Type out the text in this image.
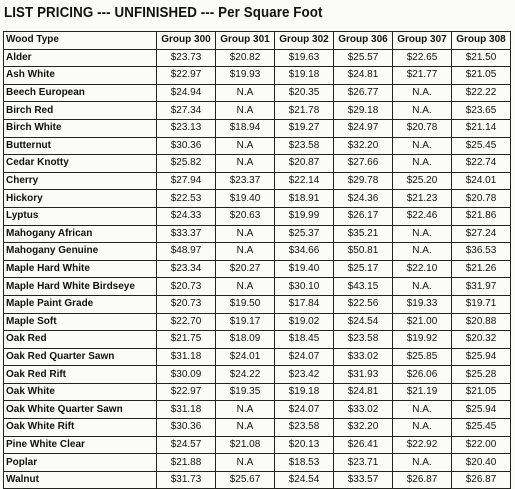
LIST PRICING --- UNFINISHED --- Per Square Foot
Wood Type	Group 300	Group 301	Group 302	Group 306	Group 307	Group 308
Alder	$23.73	$20.82	$19.63	$25.57	$22.65	$21.50
Ash White	$22.97	$19.93	$19.18	$24.81	$21.77	$21.05
Beech European	$24.94	N.A	$20.35	$26.77	N.A.	$22.22
Birch Red	$27.34	N.A	$21.78	$29.18	N.A.	$23.65
Birch White	$23.13	$18.94	$19.27	$24.97	$20.78	$21.14
Butternut	$30.36	N.A	$23.58	$32.20	N.A.	$25.45
Cedar Knotty	$25.82	N.A	$20.87	$27.66	N.A.	$22.74
Cherry	$27.94	$23.37	$22.14	$29.78	$25.20	$24.01
Hickory	$22.53	$19.40	$18.91	$24.36	$21.23	$20.78
Lyptus	$24.33	$20.63	$19.99	$26.17	$22.46	$21.86
Mahogany African	$33.37	N.A	$25.37	$35.21	N.A.	$27.24
Mahogany Genuine	$48.97	N.A	$34.66	$50.81	N.A.	$36.53
Maple Hard White	$23.34	$20.27	$19.40	$25.17	$22.10	$21.26
Maple Hard White Birdseye	$20.73	N.A	$30.10	$43.15	N.A.	$31.97
Maple Paint Grade	$20.73	$19.50	$17.84	$22.56	$19.33	$19.71
Maple Soft	$22.70	$19.17	$19.02	$24.54	$21.00	$20.88
Oak Red	$21.75	$18.09	$18.45	$23.58	$19.92	$20.32
Oak Red Quarter Sawn	$31.18	$24.01	$24.07	$33.02	$25.85	$25.94
Oak Red Rift	$30.09	$24.22	$23.42	$31.93	$26.06	$25.28
Oak White	$22.97	$19.35	$19.18	$24.81	$21.19	$21.05
Oak White Quarter Sawn	$31.18	N.A	$24.07	$33.02	N.A.	$25.94
Oak White Rift	$30.36	N.A	$23.58	$32.20	N.A.	$25.45
Pine White Clear	$24.57	$21.08	$20.13	$26.41	$22.92	$22.00
Poplar	$21.88	N.A	$18.53	$23.71	N.A.	$20.40
Walnut	$31.73	$25.67	$24.54	$33.57	$26.87	$26.87
